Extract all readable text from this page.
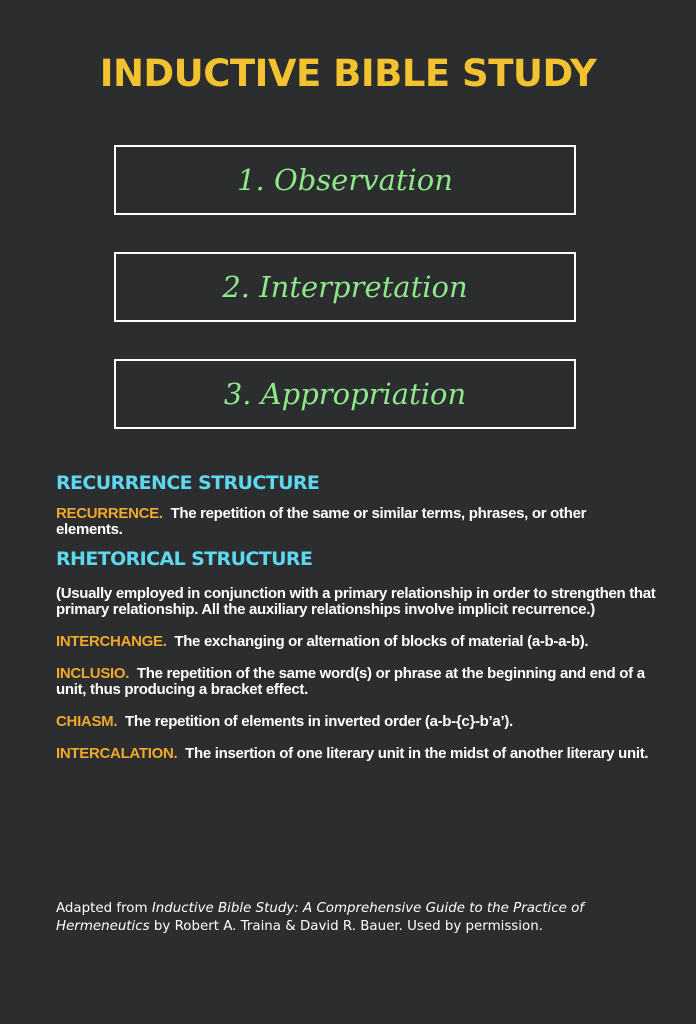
INDUCTIVE BIBLE STUDY
1. Observation
2. Interpretation
3. Appropriation
RECURRENCE STRUCTURE

RECURRENCE. The repetition of the same or similar terms, phrases, or other elements.

RHETORICAL STRUCTURE

(Usually employed in conjunction with a primary relationship in order to strengthen that primary relationship. All the auxiliary relationships involve implicit recurrence.)

INTERCHANGE. The exchanging or alternation of blocks of material (a-b-a-b).

INCLUSIO. The repetition of the same word(s) or phrase at the beginning and end of a unit, thus producing a bracket effect.

CHIASM. The repetition of elements in inverted order (a-b-{c}-b’a’).

INTERCALATION. The insertion of one literary unit in the midst of another literary unit.

Adapted from Inductive Bible Study: A Comprehensive Guide to the Practice of Hermeneutics by Robert A. Traina & David R. Bauer. Used by permission.
